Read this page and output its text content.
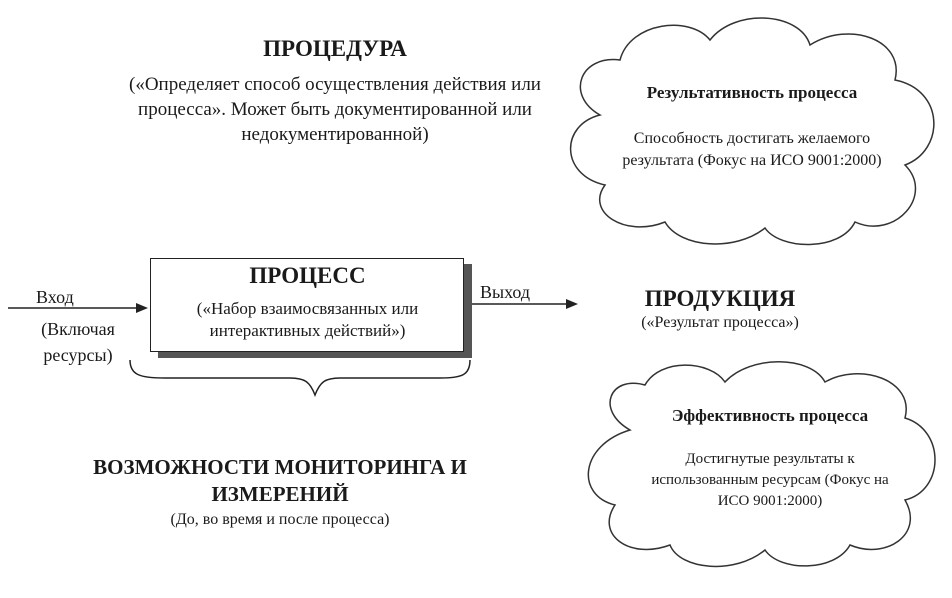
ПРОЦЕДУРА
(«Определяет способ осуществления действия или процесса». Может быть документированной или недокументированной)
ПРОЦЕСС
(«Набор взаимосвязанных или интерактивных действий»)
Вход
(Включая ресурсы)
Выход	ПРОДУКЦИЯ
(«Результат процесса»)
ВОЗМОЖНОСТИ МОНИТОРИНГА И ИЗМЕРЕНИЙ
(До, во время и после процесса)
Результативность процесса
Способность достигать желаемого результата (Фокус на ИСО 9001:2000)
Эффективность процесса
Достигнутые результаты к использованным ресурсам (Фокус на ИСО 9001:2000)
